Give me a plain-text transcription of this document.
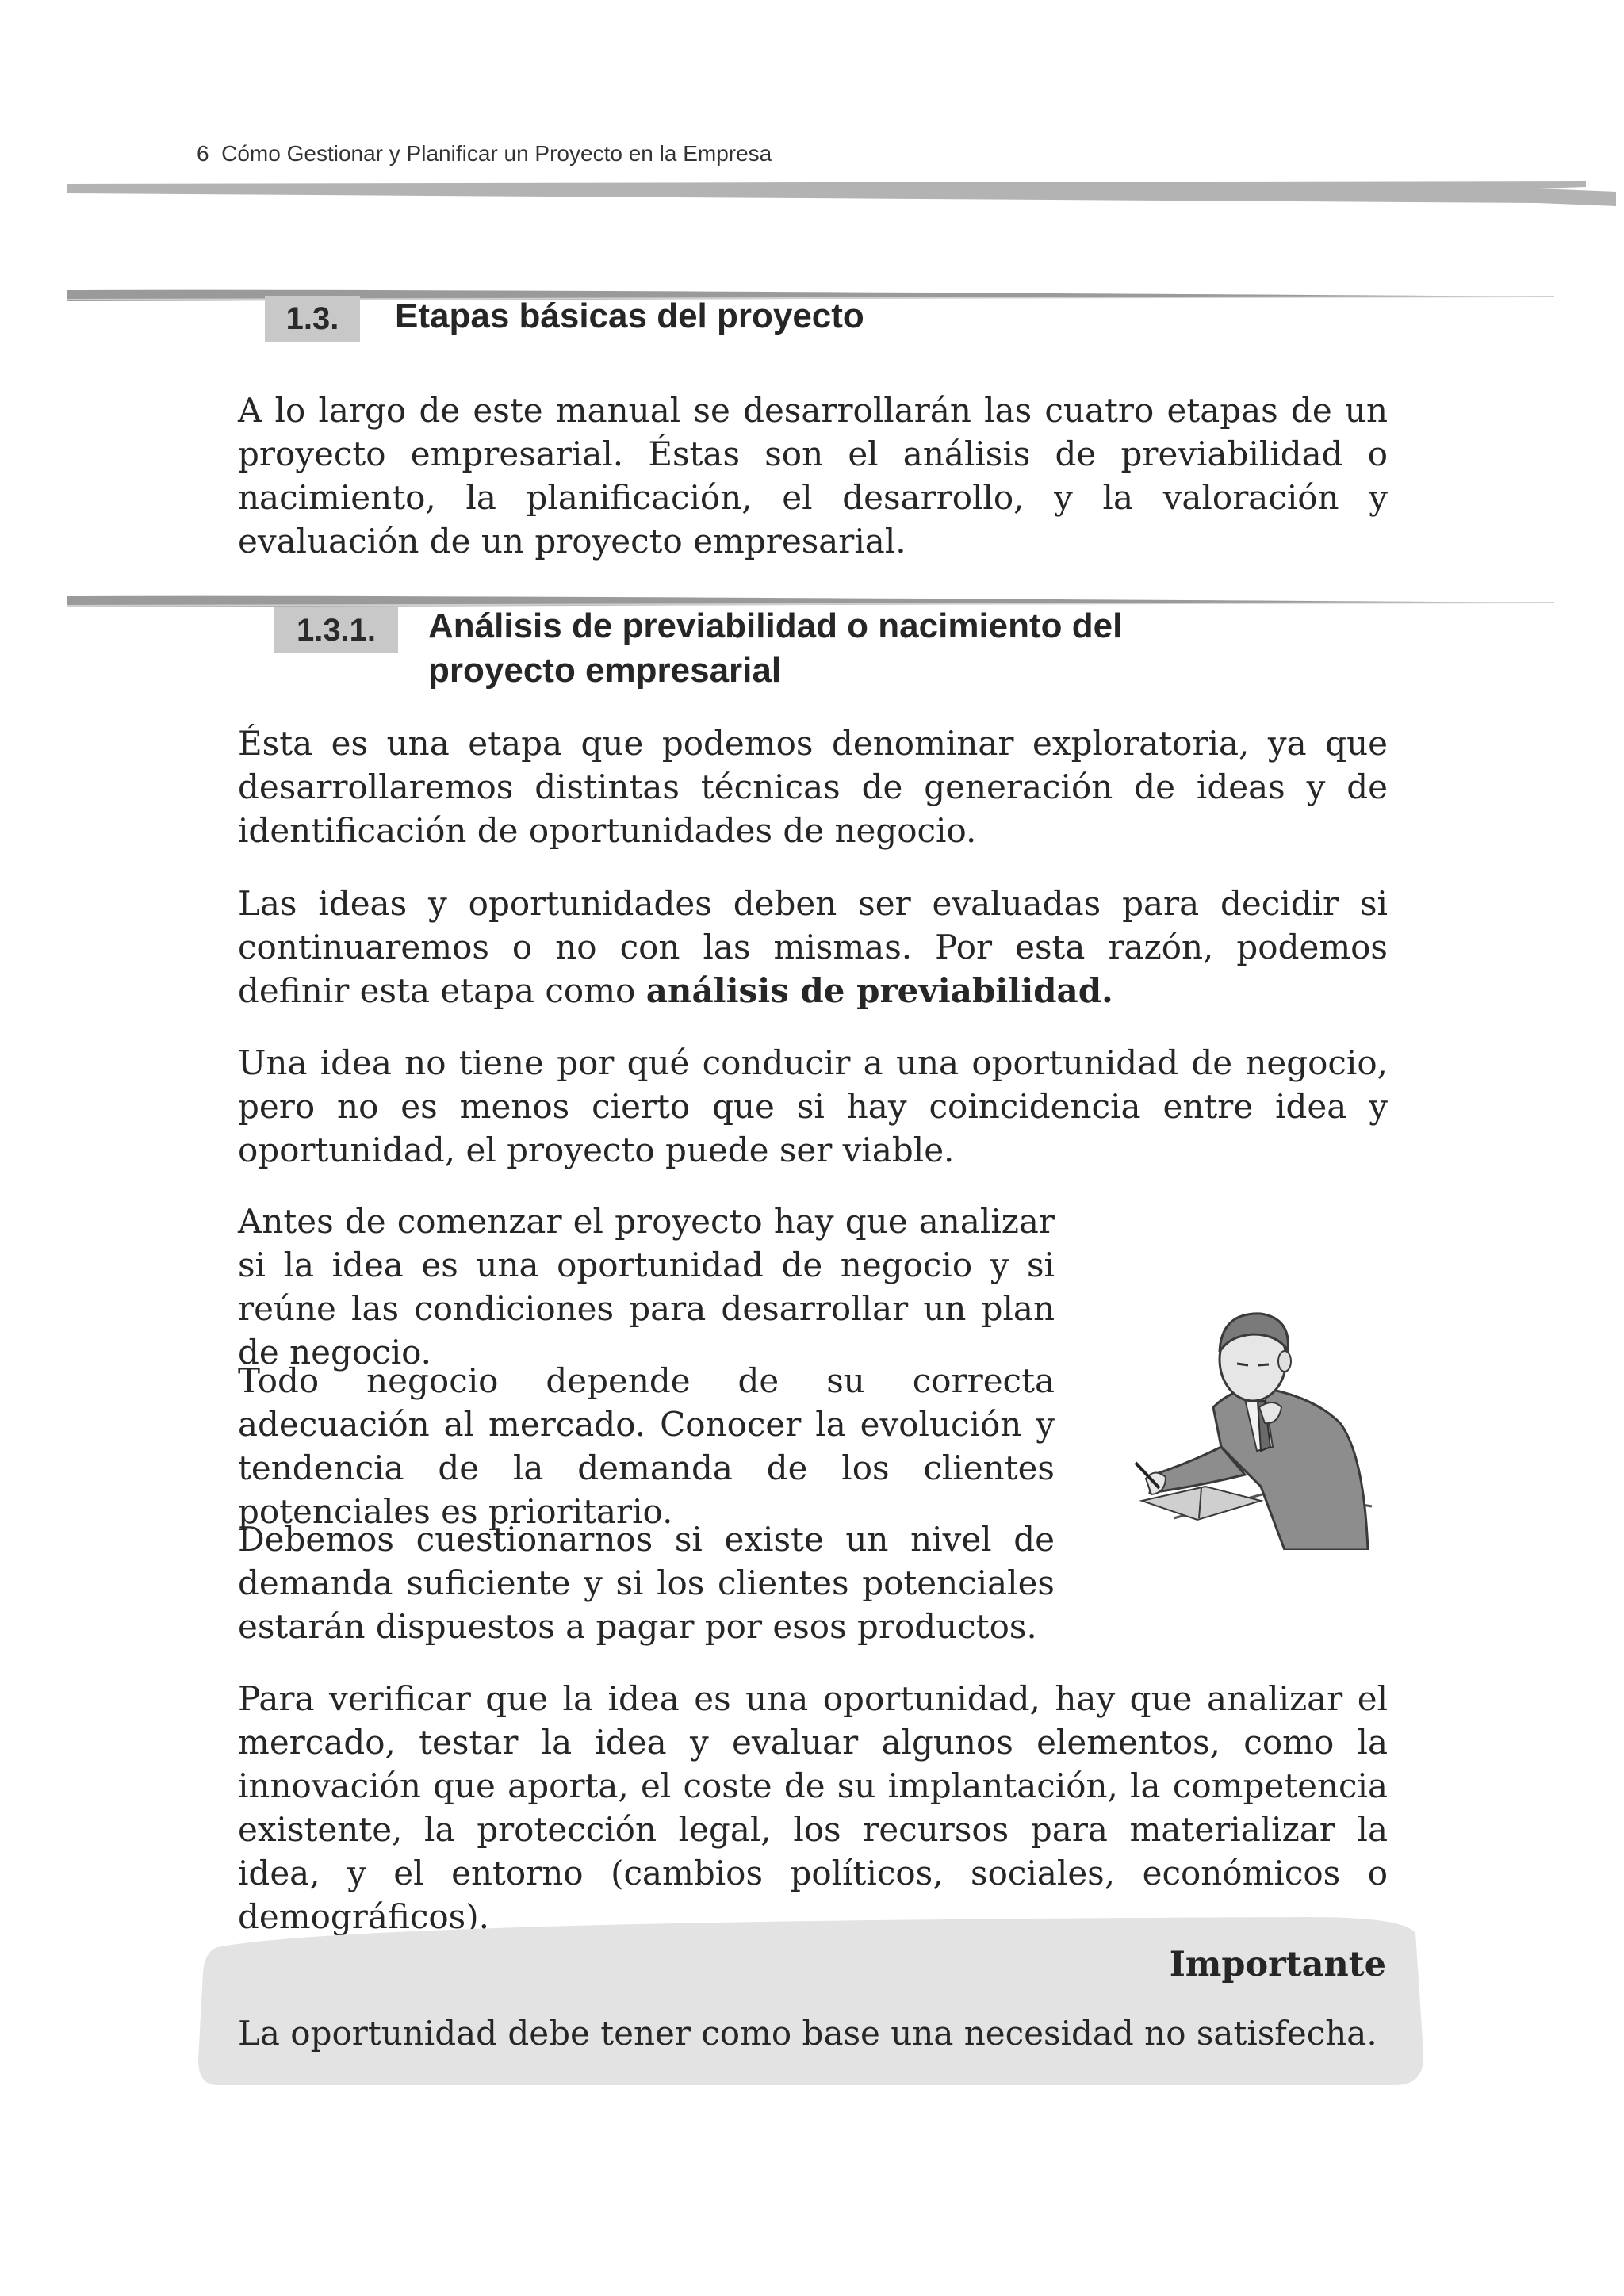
6 Cómo Gestionar y Planificar un Proyecto en la Empresa
1.3.	Etapas básicas del proyecto

A lo largo de este manual se desarrollarán las cuatro etapas de un proyecto empresarial. Éstas son el análisis de previabilidad o nacimiento, la planificación, el desarrollo, y la valoración y evaluación de un proyecto empresarial.

1.3.1.	Análisis de previabilidad o nacimiento del
proyecto empresarial

Ésta es una etapa que podemos denominar exploratoria, ya que desarrollaremos distintas técnicas de generación de ideas y de identificación de oportunidades de negocio.

Las ideas y oportunidades deben ser evaluadas para decidir si continuaremos o no con las mismas. Por esta razón, podemos definir esta etapa como análisis de previabilidad.

Una idea no tiene por qué conducir a una oportunidad de negocio, pero no es menos cierto que si hay coincidencia entre idea y oportunidad, el proyecto puede ser viable.

Antes de comenzar el proyecto hay que analizar si la idea es una oportunidad de negocio y si reúne las condiciones para desarrollar un plan de negocio.

Todo negocio depende de su correcta adecuación al mercado. Conocer la evolución y tendencia de la demanda de los clientes potenciales es prioritario.

Debemos cuestionarnos si existe un nivel de demanda suficiente y si los clientes potenciales estarán dispuestos a pagar por esos productos.

Para verificar que la idea es una oportunidad, hay que analizar el mercado, testar la idea y evaluar algunos elementos, como la innovación que aporta, el coste de su implantación, la competencia existente, la protección legal, los recursos para materializar la idea, y el entorno (cambios políticos, sociales, económicos o demográficos).

Importante
La oportunidad debe tener como base una necesidad no satisfecha.
